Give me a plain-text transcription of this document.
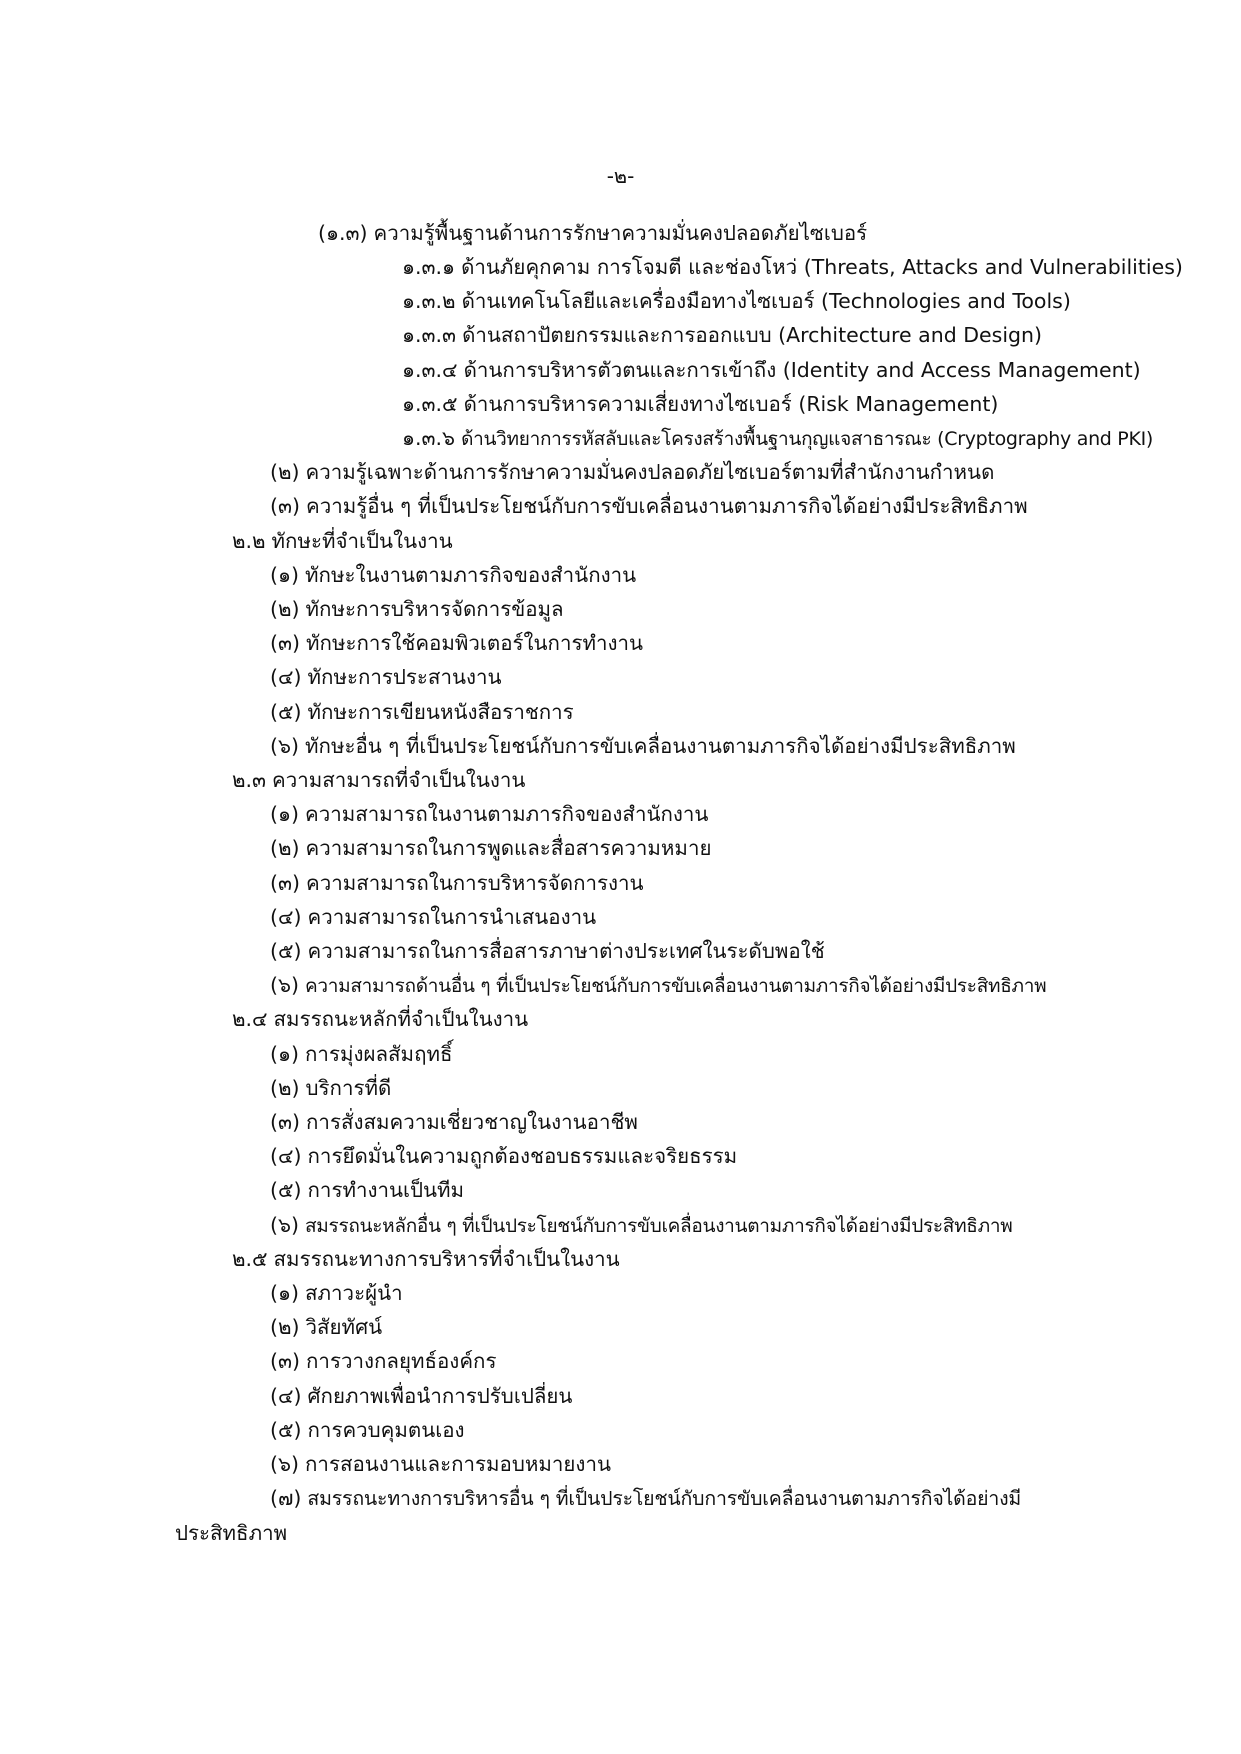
-๒-
(๑.๓) ความรู้พื้นฐานด้านการรักษาความมั่นคงปลอดภัยไซเบอร์
๑.๓.๑ ด้านภัยคุกคาม การโจมตี และช่องโหว่ (Threats, Attacks and Vulnerabilities)
๑.๓.๒ ด้านเทคโนโลยีและเครื่องมือทางไซเบอร์ (Technologies and Tools)
๑.๓.๓ ด้านสถาปัตยกรรมและการออกแบบ (Architecture and Design)
๑.๓.๔ ด้านการบริหารตัวตนและการเข้าถึง (Identity and Access Management)
๑.๓.๕ ด้านการบริหารความเสี่ยงทางไซเบอร์ (Risk Management)
๑.๓.๖ ด้านวิทยาการรหัสลับและโครงสร้างพื้นฐานกุญแจสาธารณะ (Cryptography and PKI)
(๒) ความรู้เฉพาะด้านการรักษาความมั่นคงปลอดภัยไซเบอร์ตามที่สำนักงานกำหนด
(๓) ความรู้อื่น ๆ ที่เป็นประโยชน์กับการขับเคลื่อนงานตามภารกิจได้อย่างมีประสิทธิภาพ
๒.๒ ทักษะที่จำเป็นในงาน
(๑) ทักษะในงานตามภารกิจของสำนักงาน
(๒) ทักษะการบริหารจัดการข้อมูล
(๓) ทักษะการใช้คอมพิวเตอร์ในการทำงาน
(๔) ทักษะการประสานงาน
(๕) ทักษะการเขียนหนังสือราชการ
(๖) ทักษะอื่น ๆ ที่เป็นประโยชน์กับการขับเคลื่อนงานตามภารกิจได้อย่างมีประสิทธิภาพ
๒.๓ ความสามารถที่จำเป็นในงาน
(๑) ความสามารถในงานตามภารกิจของสำนักงาน
(๒) ความสามารถในการพูดและสื่อสารความหมาย
(๓) ความสามารถในการบริหารจัดการงาน
(๔) ความสามารถในการนำเสนองาน
(๕) ความสามารถในการสื่อสารภาษาต่างประเทศในระดับพอใช้
(๖) ความสามารถด้านอื่น ๆ ที่เป็นประโยชน์กับการขับเคลื่อนงานตามภารกิจได้อย่างมีประสิทธิภาพ
๒.๔ สมรรถนะหลักที่จำเป็นในงาน
(๑) การมุ่งผลสัมฤทธิ์
(๒) บริการที่ดี
(๓) การสั่งสมความเชี่ยวชาญในงานอาชีพ
(๔) การยึดมั่นในความถูกต้องชอบธรรมและจริยธรรม
(๕) การทำงานเป็นทีม
(๖) สมรรถนะหลักอื่น ๆ ที่เป็นประโยชน์กับการขับเคลื่อนงานตามภารกิจได้อย่างมีประสิทธิภาพ
๒.๕ สมรรถนะทางการบริหารที่จำเป็นในงาน
(๑) สภาวะผู้นำ
(๒) วิสัยทัศน์
(๓) การวางกลยุทธ์องค์กร
(๔) ศักยภาพเพื่อนำการปรับเปลี่ยน
(๕) การควบคุมตนเอง
(๖) การสอนงานและการมอบหมายงาน
(๗) สมรรถนะทางการบริหารอื่น ๆ ที่เป็นประโยชน์กับการขับเคลื่อนงานตามภารกิจได้อย่างมี
ประสิทธิภาพ
